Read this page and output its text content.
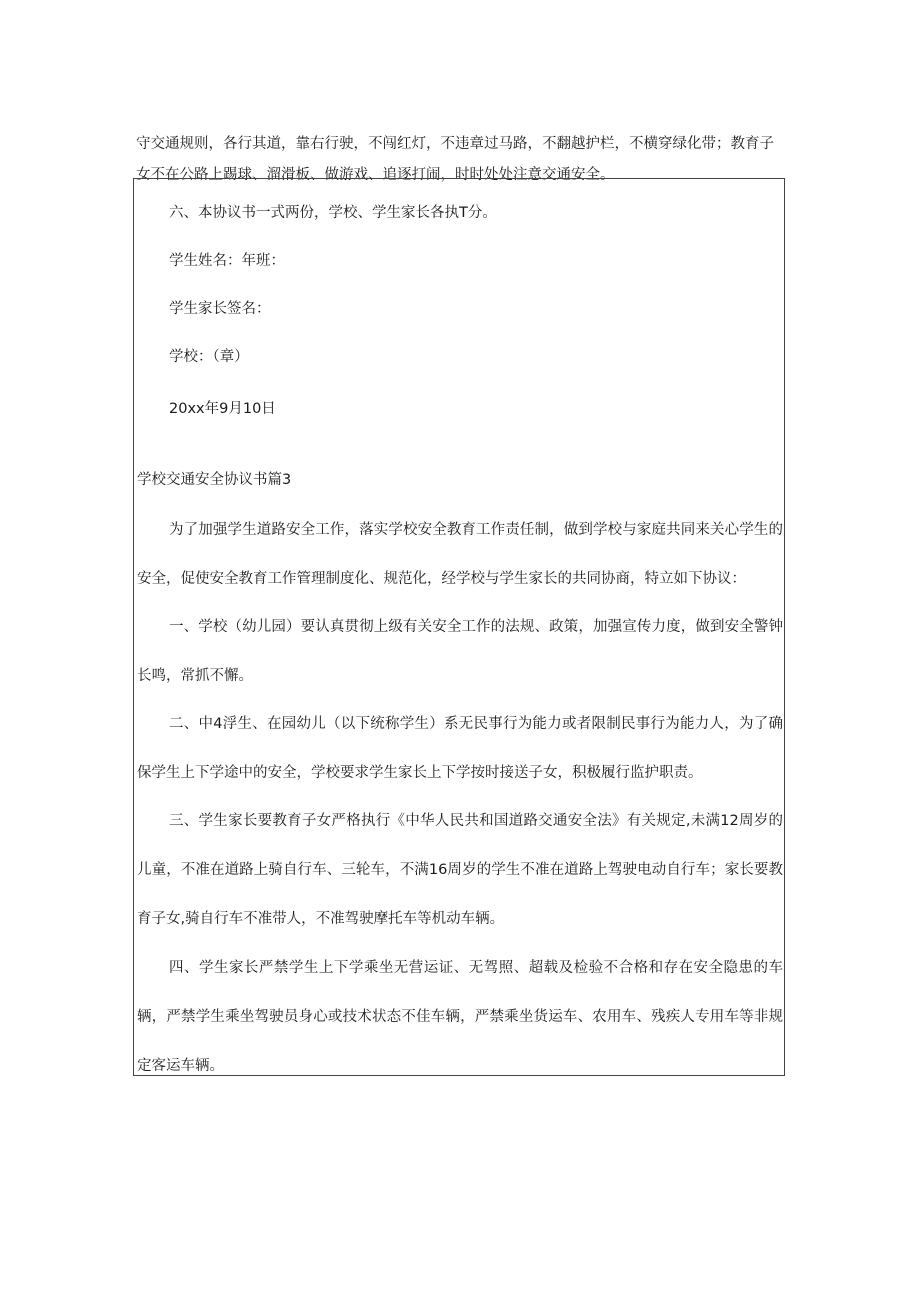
守交通规则，各行其道，靠右行驶，不闯红灯，不违章过马路，不翻越护栏，不横穿绿化带；教育子女不在公路上踢球、溜滑板、做游戏、追逐打闹，时时处处注意交通安全。
六、本协议书一式两份，学校、学生家长各执T分。
学生姓名：年班：
学生家长签名：
学校：（章）
20xx年9月10日
学校交通安全协议书篇3
为了加强学生道路安全工作，落实学校安全教育工作责任制，做到学校与家庭共同来关心学生的安全，促使安全教育工作管理制度化、规范化，经学校与学生家长的共同协商，特立如下协议：
一、学校（幼儿园）要认真贯彻上级有关安全工作的法规、政策，加强宣传力度，做到安全警钟长鸣，常抓不懈。
二、中4浮生、在园幼儿（以下统称学生）系无民事行为能力或者限制民事行为能力人，为了确保学生上下学途中的安全，学校要求学生家长上下学按时接送子女，积极履行监护职责。
三、学生家长要教育子女严格执行《中华人民共和国道路交通安全法》有关规定,未满12周岁的儿童，不准在道路上骑自行车、三轮车，不满16周岁的学生不准在道路上驾驶电动自行车；家长要教育子女,骑自行车不准带人，不准驾驶摩托车等机动车辆。
四、学生家长严禁学生上下学乘坐无营运证、无驾照、超载及检验不合格和存在安全隐患的车辆，严禁学生乘坐驾驶员身心或技术状态不佳车辆，严禁乘坐货运车、农用车、残疾人专用车等非规定客运车辆。
